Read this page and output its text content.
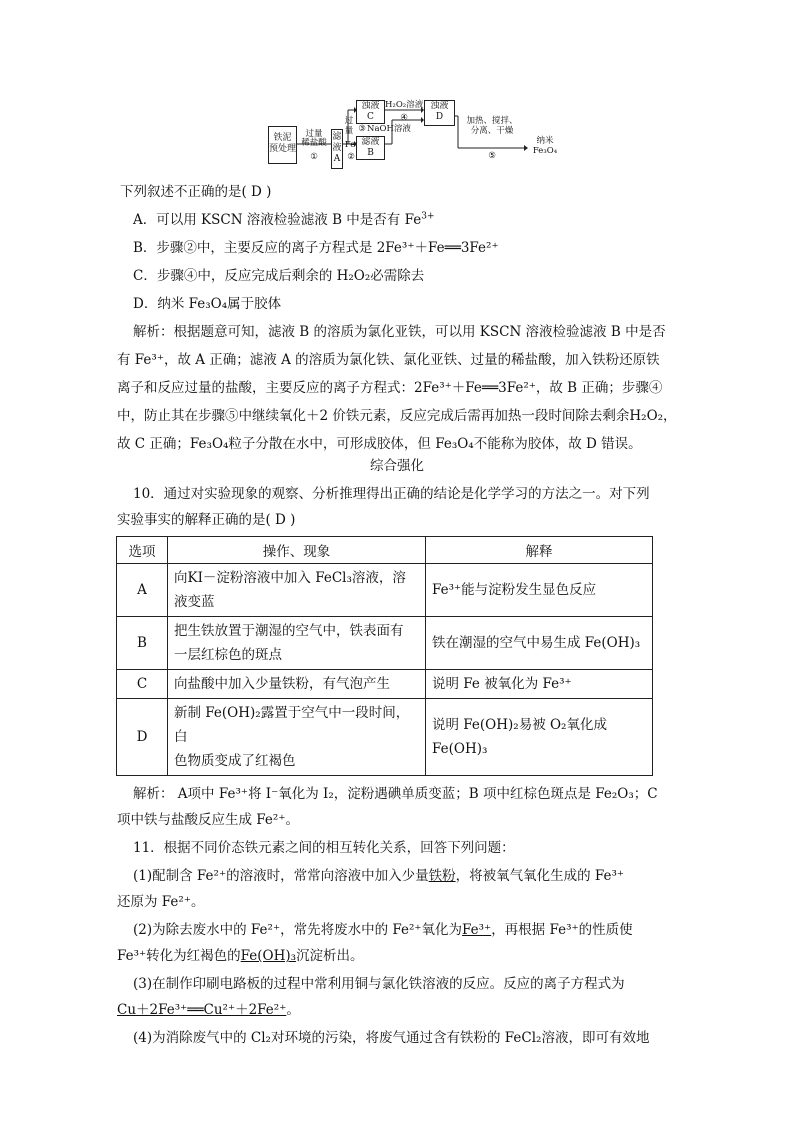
铁泥
预处理
过量
稀盐酸
①
滤
液
A
过
量
Fe
②
③ NaOH溶液
浊液
C
H₂O₂溶液
④
滤液
B
浊液
D	加热、搅拌、
分离、干燥
⑤
纳米
Fe₃O₄
下列叙述不正确的是( D )
A．可以用 KSCN 溶液检验滤液 B 中是否有 $Fe^{3+}$
B．步骤②中，主要反应的离子方程式是 2Fe³⁺＋Fe══3Fe²⁺
C．步骤④中，反应完成后剩余的 H₂O₂必需除去
D．纳米 Fe₃O₄属于胶体
解析：根据题意可知，滤液 B 的溶质为氯化亚铁，可以用 KSCN 溶液检验滤液 B 中是否
有 Fe³⁺，故 A 正确；滤液 A 的溶质为氯化铁、氯化亚铁、过量的稀盐酸，加入铁粉还原铁
离子和反应过量的盐酸，主要反应的离子方程式：2Fe³⁺＋Fe══3Fe²⁺，故 B 正确；步骤④
中，防止其在步骤⑤中继续氧化＋2 价铁元素，反应完成后需再加热一段时间除去剩余H₂O₂，
故 C 正确；Fe₃O₄粒子分散在水中，可形成胶体，但 Fe₃O₄不能称为胶体，故 D 错误。
综合强化
10．通过对实验现象的观察、分析推理得出正确的结论是化学学习的方法之一。对下列
实验事实的解释正确的是( D )
选项	操作、现象	解释
A	向KI－淀粉溶液中加入 FeCl₃溶液，溶
液变蓝	Fe³⁺能与淀粉发生显色反应
B	把生铁放置于潮湿的空气中，铁表面有
一层红棕色的斑点	铁在潮湿的空气中易生成 Fe(OH)₃
C	向盐酸中加入少量铁粉，有气泡产生	说明 Fe 被氧化为 Fe³⁺
D	新制 Fe(OH)₂露置于空气中一段时间，白
色物质变成了红褐色	说明 Fe(OH)₂易被 O₂氧化成 Fe(OH)₃
解析： A项中 Fe³⁺将 I⁻氧化为 I₂，淀粉遇碘单质变蓝；B 项中红棕色斑点是 Fe₂O₃；C
项中铁与盐酸反应生成 Fe²⁺。
11．根据不同价态铁元素之间的相互转化关系，回答下列问题：
(1)配制含 Fe²⁺的溶液时，常常向溶液中加入少量铁粉，将被氧气氧化生成的 Fe³⁺
还原为 Fe²⁺。
(2)为除去废水中的 Fe²⁺，常先将废水中的 Fe²⁺氧化为Fe³⁺，再根据 Fe³⁺的性质使
Fe³⁺转化为红褐色的Fe(OH)₃沉淀析出。
(3)在制作印刷电路板的过程中常利用铜与氯化铁溶液的反应。反应的离子方程式为
Cu＋2Fe³⁺══Cu²⁺＋2Fe²⁺。
(4)为消除废气中的 Cl₂对环境的污染，将废气通过含有铁粉的 FeCl₂溶液，即可有效地
